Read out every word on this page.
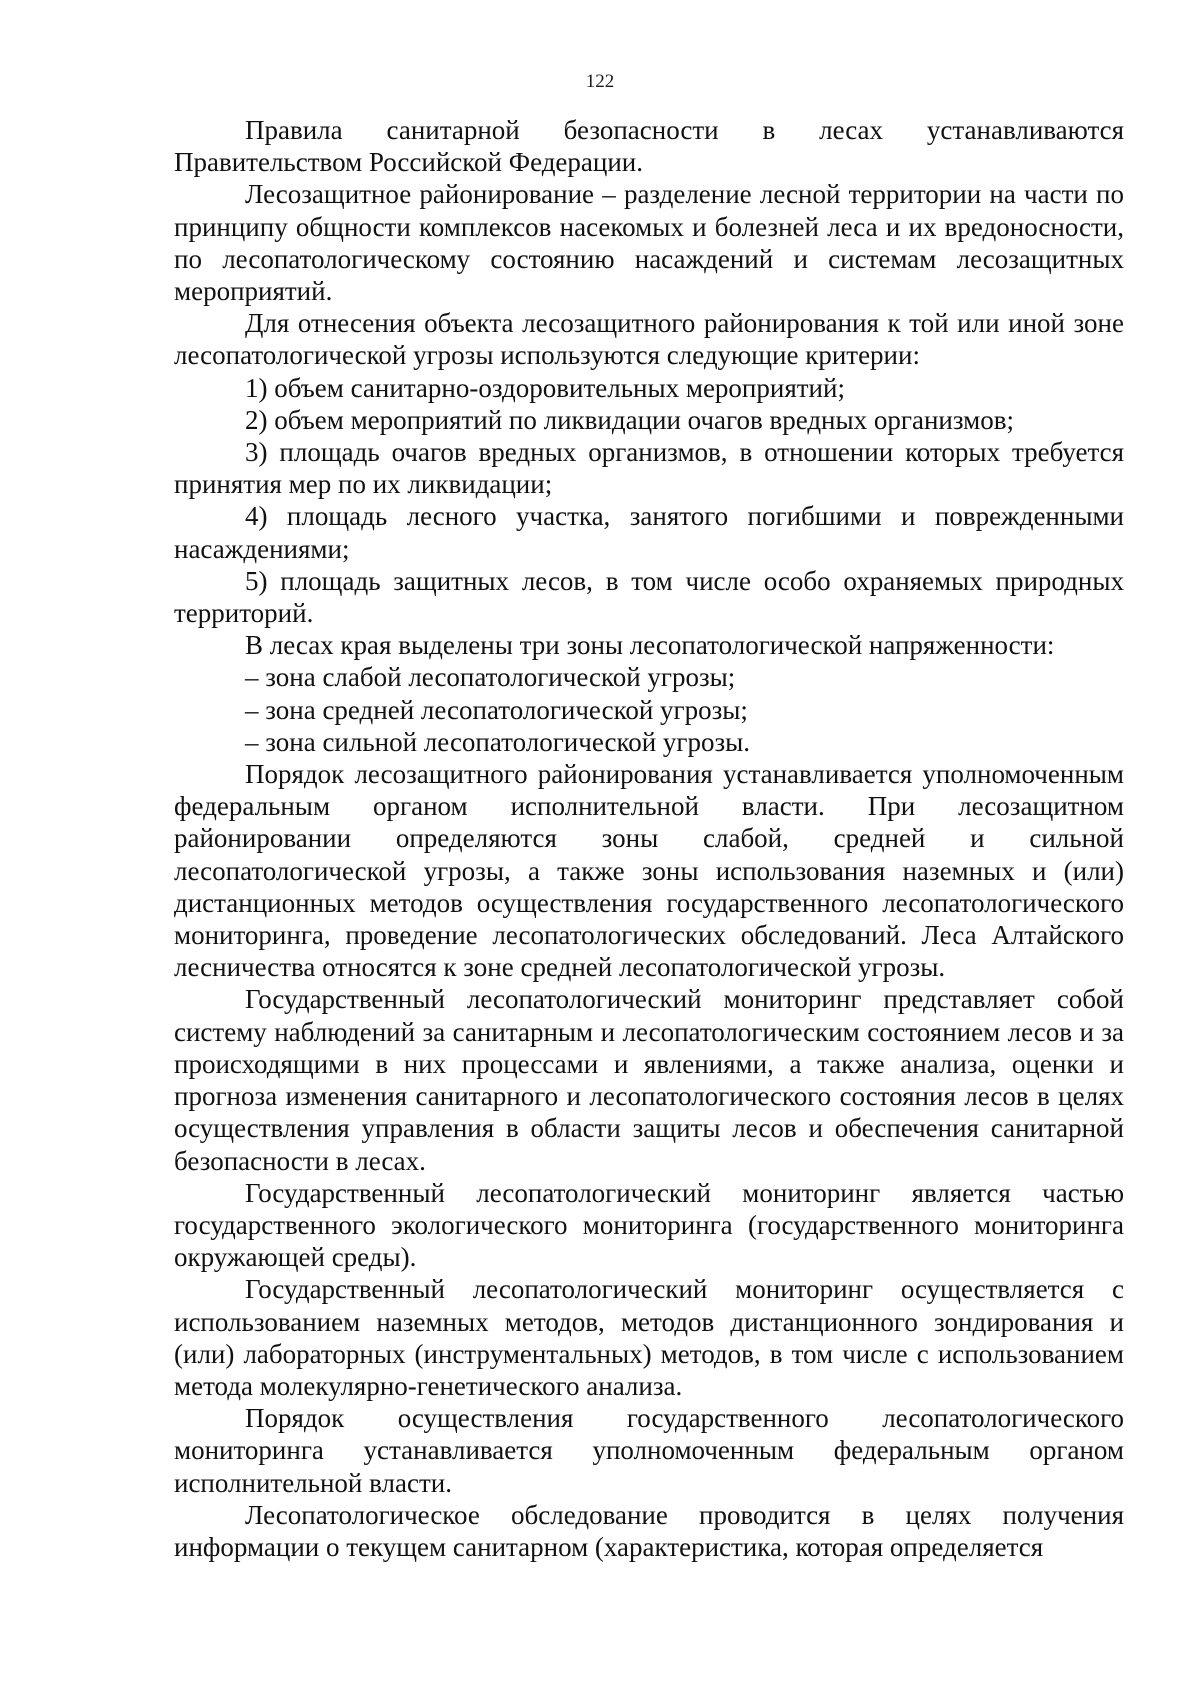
122

Правила санитарной безопасности в лесах устанавливаются Правительством Российской Федерации.

Лесозащитное районирование – разделение лесной территории на части по принципу общности комплексов насекомых и болезней леса и их вредоносности, по лесопатологическому состоянию насаждений и системам лесозащитных мероприятий.

Для отнесения объекта лесозащитного районирования к той или иной зоне лесопатологической угрозы используются следующие критерии:

1) объем санитарно-оздоровительных мероприятий;

2) объем мероприятий по ликвидации очагов вредных организмов;

3) площадь очагов вредных организмов, в отношении которых требуется принятия мер по их ликвидации;

4) площадь лесного участка, занятого погибшими и поврежденными насаждениями;

5) площадь защитных лесов, в том числе особо охраняемых природных территорий.

В лесах края выделены три зоны лесопатологической напряженности:

– зона слабой лесопатологической угрозы;

– зона средней лесопатологической угрозы;

– зона сильной лесопатологической угрозы.

Порядок лесозащитного районирования устанавливается уполномоченным федеральным органом исполнительной власти. При лесозащитном районировании определяются зоны слабой, средней и сильной лесопатологической угрозы, а также зоны использования наземных и (или) дистанционных методов осуществления государственного лесопатологического мониторинга, проведение лесопатологических обследований. Леса Алтайского лесничества относятся к зоне средней лесопатологической угрозы.

Государственный лесопатологический мониторинг представляет собой систему наблюдений за санитарным и лесопатологическим состоянием лесов и за происходящими в них процессами и явлениями, а также анализа, оценки и прогноза изменения санитарного и лесопатологического состояния лесов в целях осуществления управления в области защиты лесов и обеспечения санитарной безопасности в лесах.

Государственный лесопатологический мониторинг является частью государственного экологического мониторинга (государственного мониторинга окружающей среды).

Государственный лесопатологический мониторинг осуществляется с использованием наземных методов, методов дистанционного зондирования и (или) лабораторных (инструментальных) методов, в том числе с использованием метода молекулярно-генетического анализа.

Порядок осуществления государственного лесопатологического мониторинга устанавливается уполномоченным федеральным органом исполнительной власти.

Лесопатологическое обследование проводится в целях получения информации о текущем санитарном (характеристика, которая определяется
